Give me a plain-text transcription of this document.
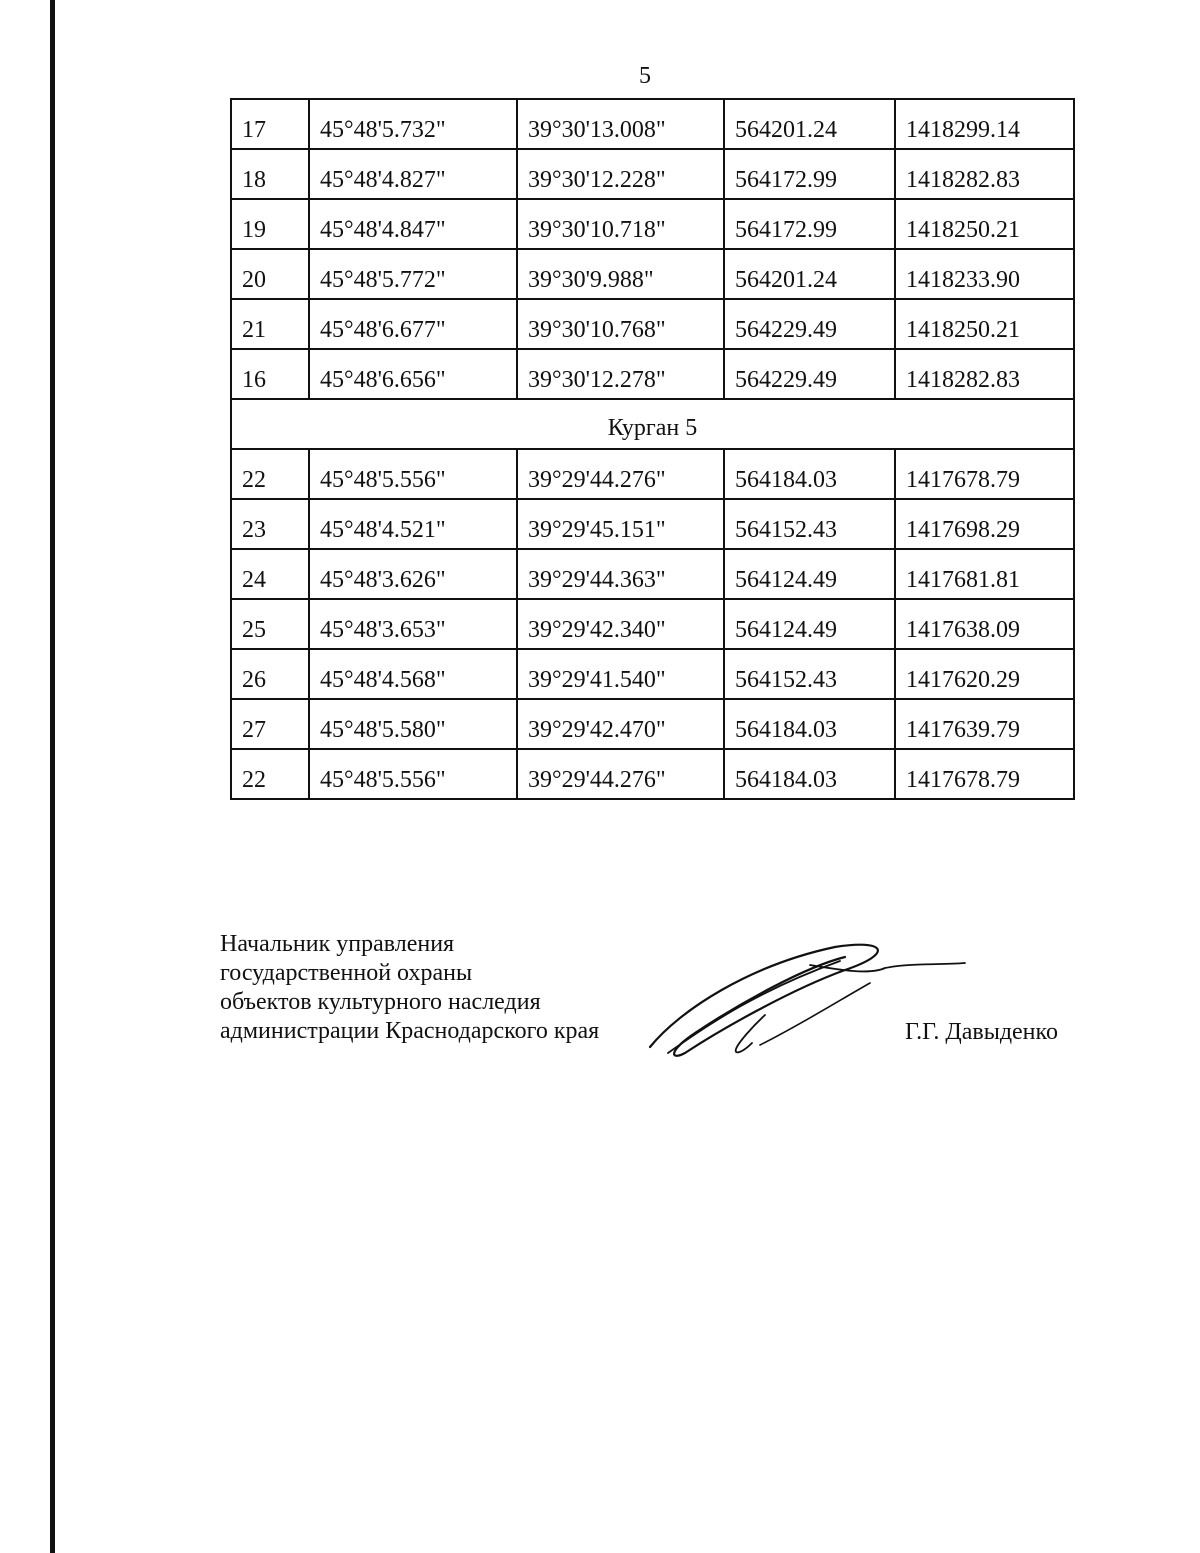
5
17	45°48'5.732"	39°30'13.008"	564201.24	1418299.14
18	45°48'4.827"	39°30'12.228"	564172.99	1418282.83
19	45°48'4.847"	39°30'10.718"	564172.99	1418250.21
20	45°48'5.772"	39°30'9.988"	564201.24	1418233.90
21	45°48'6.677"	39°30'10.768"	564229.49	1418250.21
16	45°48'6.656"	39°30'12.278"	564229.49	1418282.83
Курган 5				
22	45°48'5.556"	39°29'44.276"	564184.03	1417678.79
23	45°48'4.521"	39°29'45.151"	564152.43	1417698.29
24	45°48'3.626"	39°29'44.363"	564124.49	1417681.81
25	45°48'3.653"	39°29'42.340"	564124.49	1417638.09
26	45°48'4.568"	39°29'41.540"	564152.43	1417620.29
27	45°48'5.580"	39°29'42.470"	564184.03	1417639.79
22	45°48'5.556"	39°29'44.276"	564184.03	1417678.79
Начальник управления
государственной охраны
объектов культурного наследия
администрации Краснодарского края	Г.Г. Давыденко
